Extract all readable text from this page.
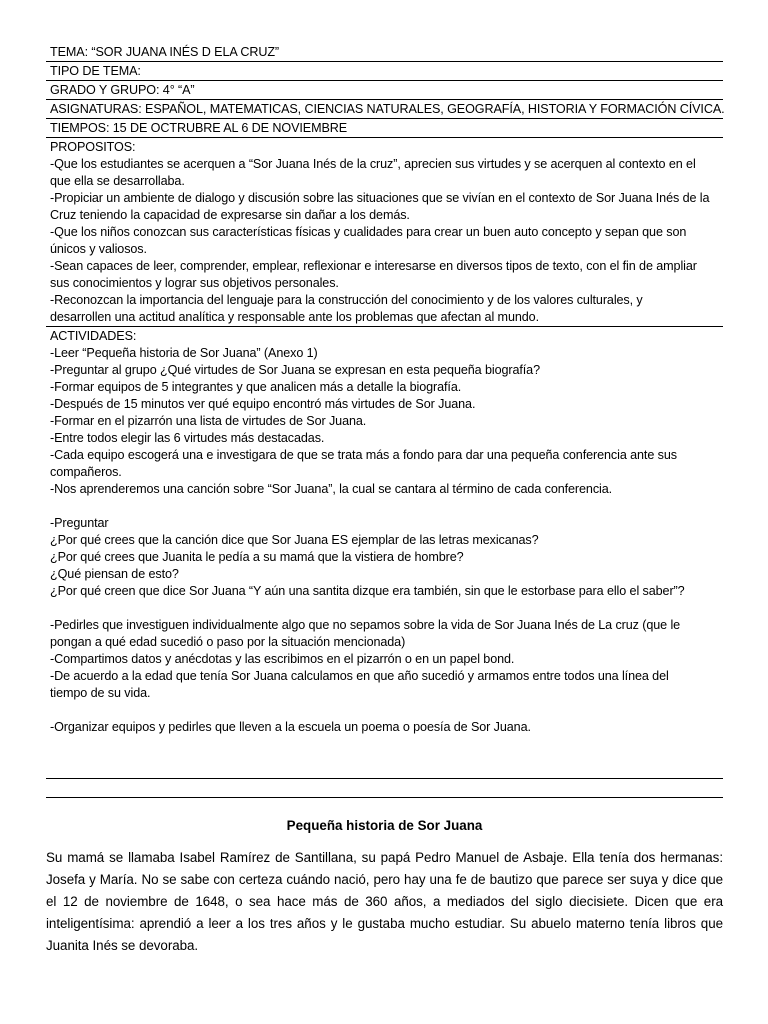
TEMA: “SOR JUANA INÉS D ELA CRUZ”
TIPO DE TEMA:
GRADO Y GRUPO: 4° “A”
ASIGNATURAS: ESPAÑOL, MATEMATICAS, CIENCIAS NATURALES, GEOGRAFÍA, HISTORIA Y FORMACIÓN CÍVICA.
TIEMPOS: 15 DE OCTRUBRE AL 6 DE NOVIEMBRE
PROPOSITOS:
-Que los estudiantes se acerquen a “Sor Juana Inés de la cruz”, aprecien sus virtudes y se acerquen al contexto en el
que ella se desarrollaba.
-Propiciar un ambiente de dialogo y discusión sobre las situaciones que se vivían en el contexto de Sor Juana Inés de la
Cruz teniendo la capacidad de expresarse sin dañar a los demás.
-Que los niños conozcan sus características físicas y cualidades para crear un buen auto concepto y sepan que son
únicos y valiosos.
-Sean capaces de leer, comprender, emplear, reflexionar e interesarse en diversos tipos de texto, con el fin de ampliar
sus conocimientos y lograr sus objetivos personales.
-Reconozcan la importancia del lenguaje para la construcción del conocimiento y de los valores culturales, y
desarrollen una actitud analítica y responsable ante los problemas que afectan al mundo.
ACTIVIDADES:
-Leer “Pequeña historia de Sor Juana” (Anexo 1)
-Preguntar al grupo ¿Qué virtudes de Sor Juana se expresan en esta pequeña biografía?
-Formar equipos de 5 integrantes y que analicen más a detalle la biografía.
-Después de 15 minutos ver qué equipo encontró más virtudes de Sor Juana.
-Formar en el pizarrón una lista de virtudes de Sor Juana.
-Entre todos elegir las 6 virtudes más destacadas.
-Cada equipo escogerá una e investigara de que se trata más a fondo para dar una pequeña conferencia ante sus
compañeros.
-Nos aprenderemos una canción sobre “Sor Juana”, la cual se cantara al término de cada conferencia.
-Preguntar
¿Por qué crees que la canción dice que Sor Juana ES ejemplar de las letras mexicanas?
¿Por qué crees que Juanita le pedía a su mamá que la vistiera de hombre?
¿Qué piensan de esto?
¿Por qué creen que dice Sor Juana “Y aún una santita dizque era también, sin que le estorbase para ello el saber”?
-Pedirles que investiguen individualmente algo que no sepamos sobre la vida de Sor Juana Inés de La cruz (que le
pongan a qué edad sucedió o paso por la situación mencionada)
-Compartimos datos y anécdotas y las escribimos en el pizarrón o en un papel bond.
-De acuerdo a la edad que tenía Sor Juana calculamos en que año sucedió y armamos entre todos una línea del
tiempo de su vida.
-Organizar equipos y pedirles que lleven a la escuela un poema o poesía de Sor Juana.
Pequeña historia de Sor Juana
Su mamá se llamaba Isabel Ramírez de Santillana, su papá Pedro Manuel de Asbaje. Ella tenía dos hermanas: Josefa y María. No se sabe con certeza cuándo nació, pero hay una fe de bautizo que parece ser suya y dice que el 12 de noviembre de 1648, o sea hace más de 360 años, a mediados del siglo diecisiete. Dicen que era inteligentísima: aprendió a leer a los tres años y le gustaba mucho estudiar. Su abuelo materno tenía libros que Juanita Inés se devoraba.
